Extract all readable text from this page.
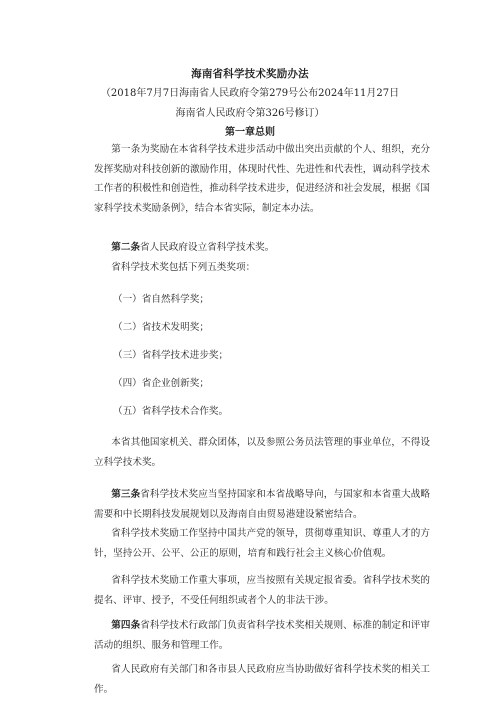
海南省科学技术奖励办法
（2018年7月7日海南省人民政府令第279号公布2024年11月27日海南省人民政府令第326号修订）
第一章总则

第一条为奖励在本省科学技术进步活动中做出突出贡献的个人、组织，充分发挥奖励对科技创新的激励作用，体现时代性、先进性和代表性，调动科学技术工作者的积极性和创造性，推动科学技术进步，促进经济和社会发展，根据《国家科学技术奖励条例》，结合本省实际，制定本办法。

第二条省人民政府设立省科学技术奖。

省科学技术奖包括下列五类奖项：

（一）省自然科学奖；
（二）省技术发明奖；
（三）省科学技术进步奖；
（四）省企业创新奖；
（五）省科学技术合作奖。

本省其他国家机关、群众团体，以及参照公务员法管理的事业单位，不得设立科学技术奖。

第三条省科学技术奖应当坚持国家和本省战略导向，与国家和本省重大战略需要和中长期科技发展规划以及海南自由贸易港建设紧密结合。

省科学技术奖励工作坚持中国共产党的领导，贯彻尊重知识、尊重人才的方针，坚持公开、公平、公正的原则，培育和践行社会主义核心价值观。

省科学技术奖励工作重大事项，应当按照有关规定报省委。省科学技术奖的提名、评审、授予，不受任何组织或者个人的非法干涉。

第四条省科学技术行政部门负责省科学技术奖相关规则、标准的制定和评审活动的组织、服务和管理工作。

省人民政府有关部门和各市县人民政府应当协助做好省科学技术奖的相关工作。
